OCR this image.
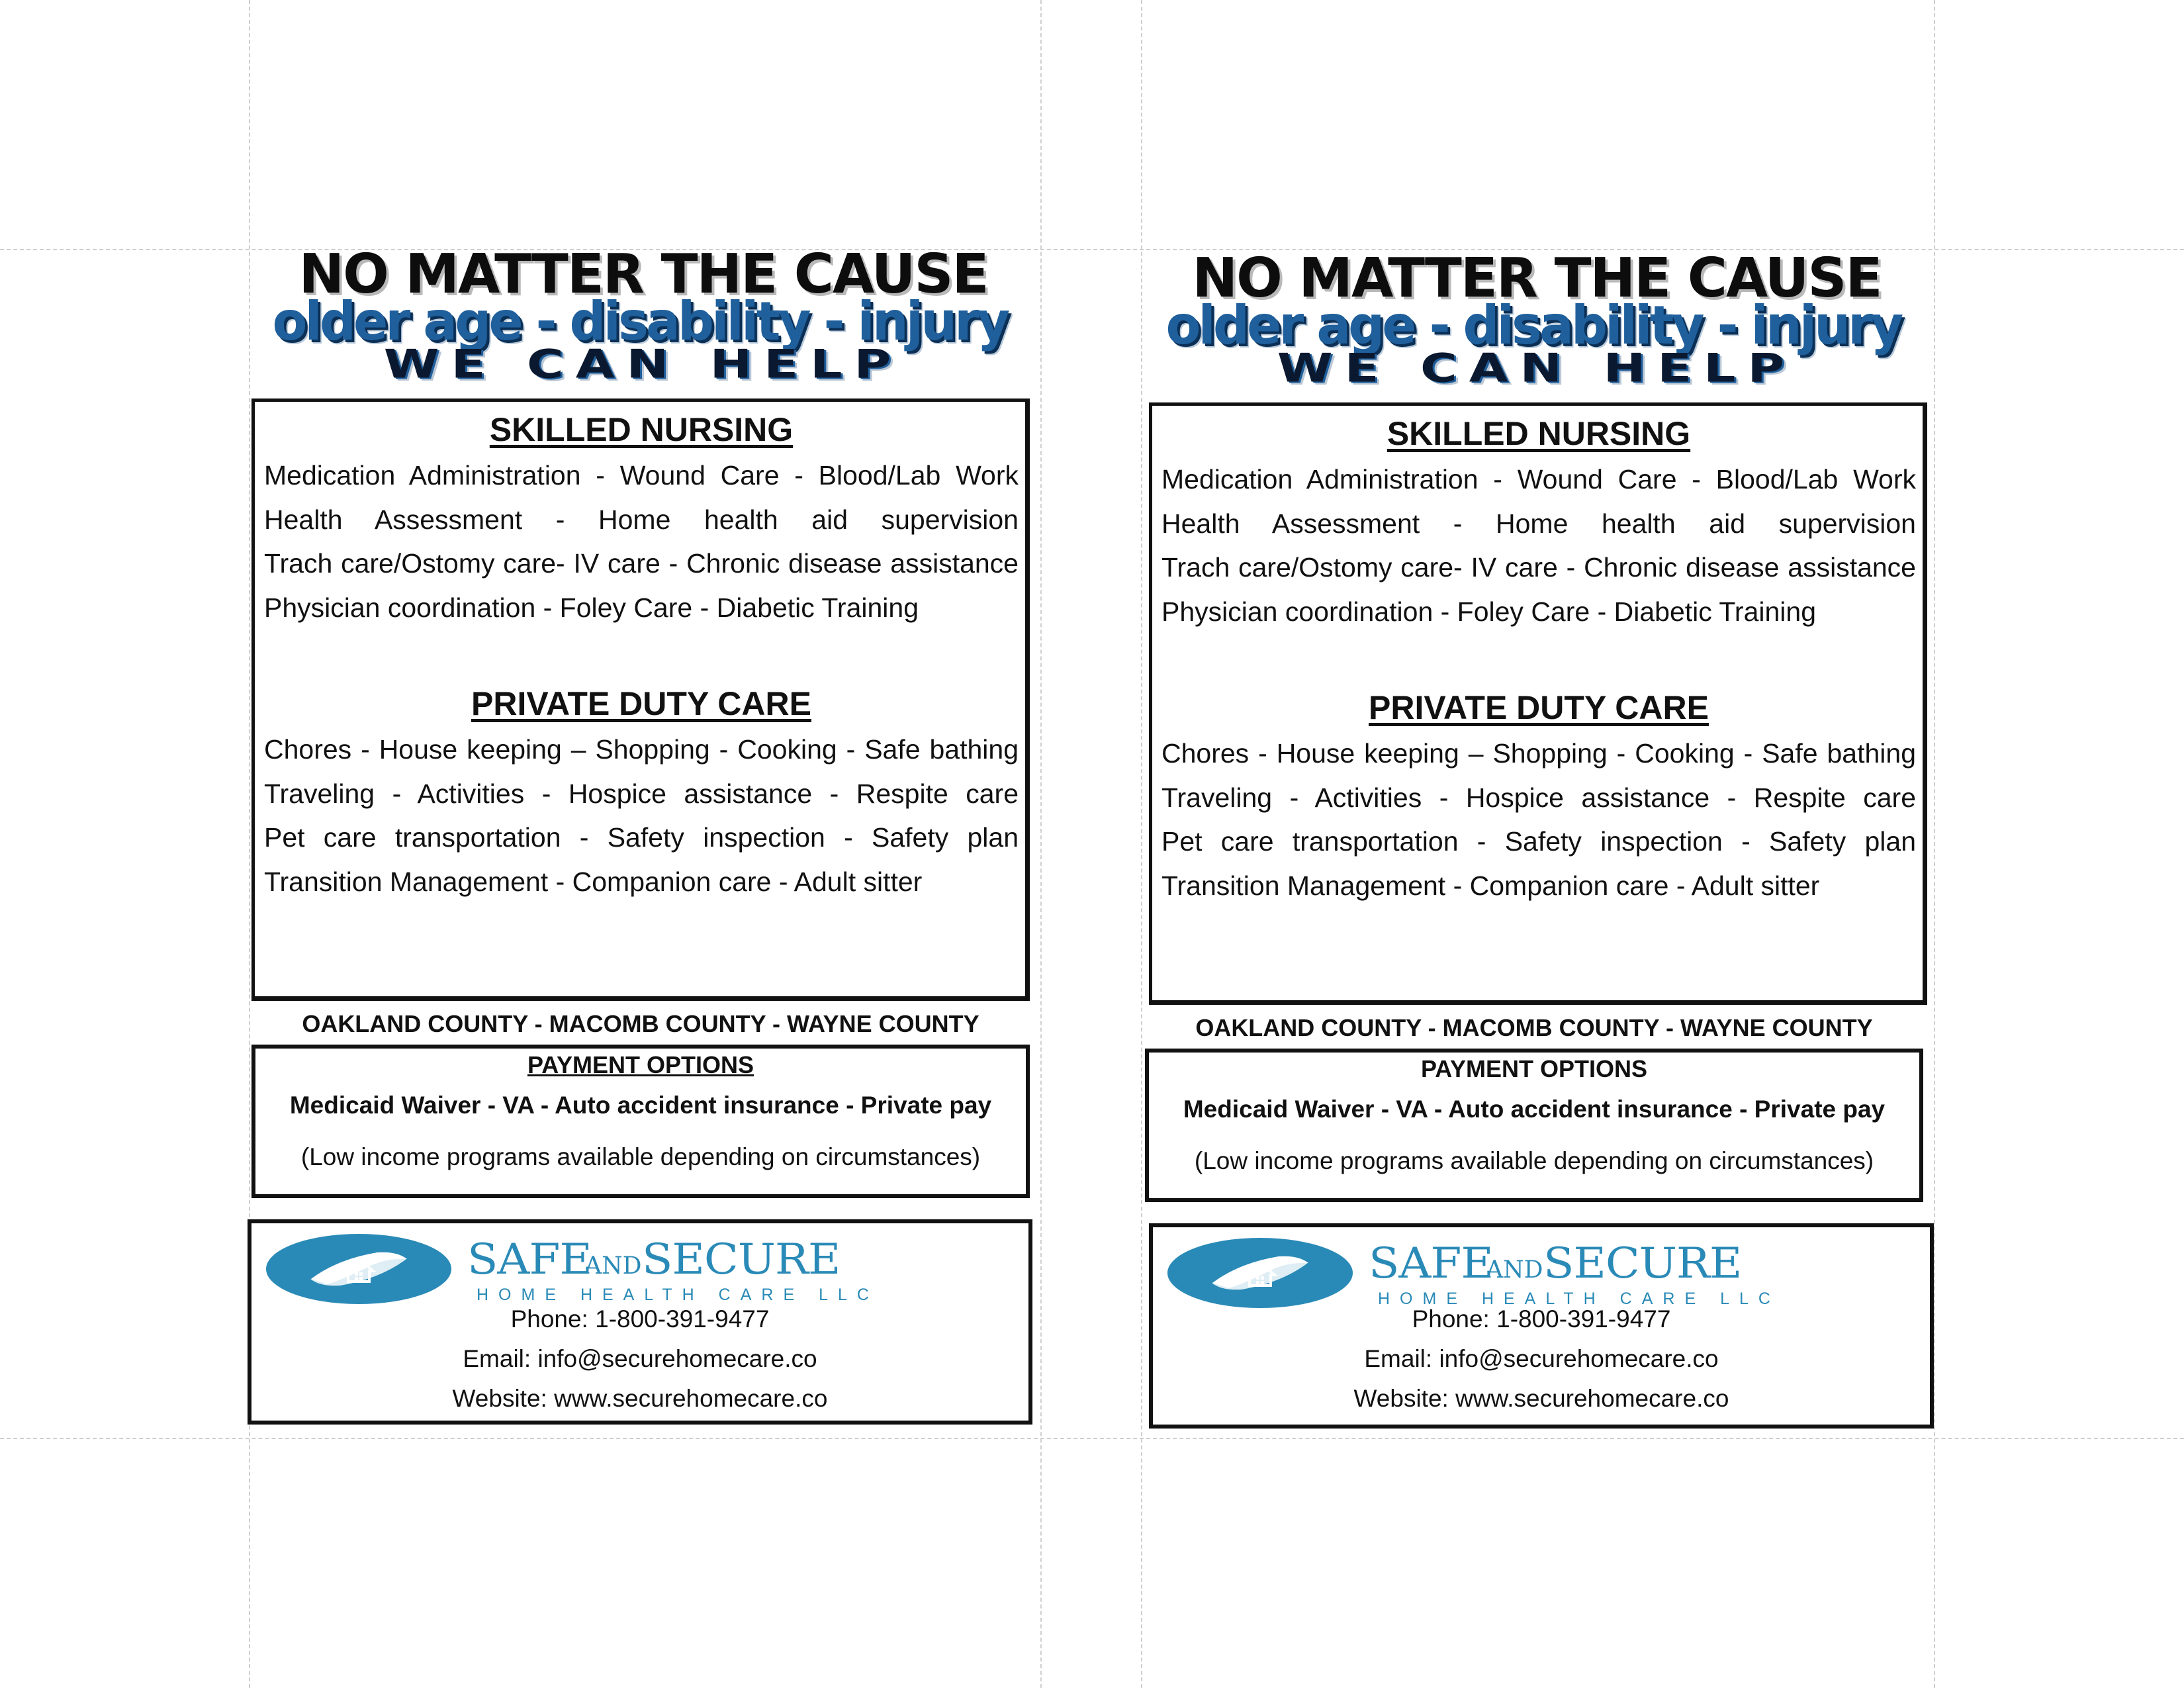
NO MATTER THE CAUSE
older age - disability - injury
WE CAN HELP
SKILLED NURSING
Medication Administration - Wound Care - Blood/Lab Work
Health Assessment - Home health aid supervision
Trach care/Ostomy care- IV care - Chronic disease assistance
Physician coordination - Foley Care - Diabetic Training
PRIVATE DUTY CARE
Chores - House keeping – Shopping - Cooking - Safe bathing
Traveling - Activities - Hospice assistance - Respite care
Pet care transportation - Safety inspection - Safety plan
Transition Management - Companion care - Adult sitter
OAKLAND COUNTY - MACOMB COUNTY - WAYNE COUNTY
PAYMENT OPTIONS
Medicaid Waiver - VA - Auto accident insurance - Private pay
(Low income programs available depending on circumstances)
SAFEANDSECURE
HOME HEALTH CARE LLC
Phone: 1-800-391-9477
Email: info@securehomecare.co
Website: www.securehomecare.co
NO MATTER THE CAUSE
older age - disability - injury
WE CAN HELP
SKILLED NURSING
Medication Administration - Wound Care - Blood/Lab Work
Health Assessment - Home health aid supervision
Trach care/Ostomy care- IV care - Chronic disease assistance
Physician coordination - Foley Care - Diabetic Training
PRIVATE DUTY CARE
Chores - House keeping – Shopping - Cooking - Safe bathing
Traveling - Activities - Hospice assistance - Respite care
Pet care transportation - Safety inspection - Safety plan
Transition Management - Companion care - Adult sitter
OAKLAND COUNTY - MACOMB COUNTY - WAYNE COUNTY
PAYMENT OPTIONS
Medicaid Waiver - VA - Auto accident insurance - Private pay
(Low income programs available depending on circumstances)
SAFEANDSECURE
HOME HEALTH CARE LLC
Phone: 1-800-391-9477
Email: info@securehomecare.co
Website: www.securehomecare.co
